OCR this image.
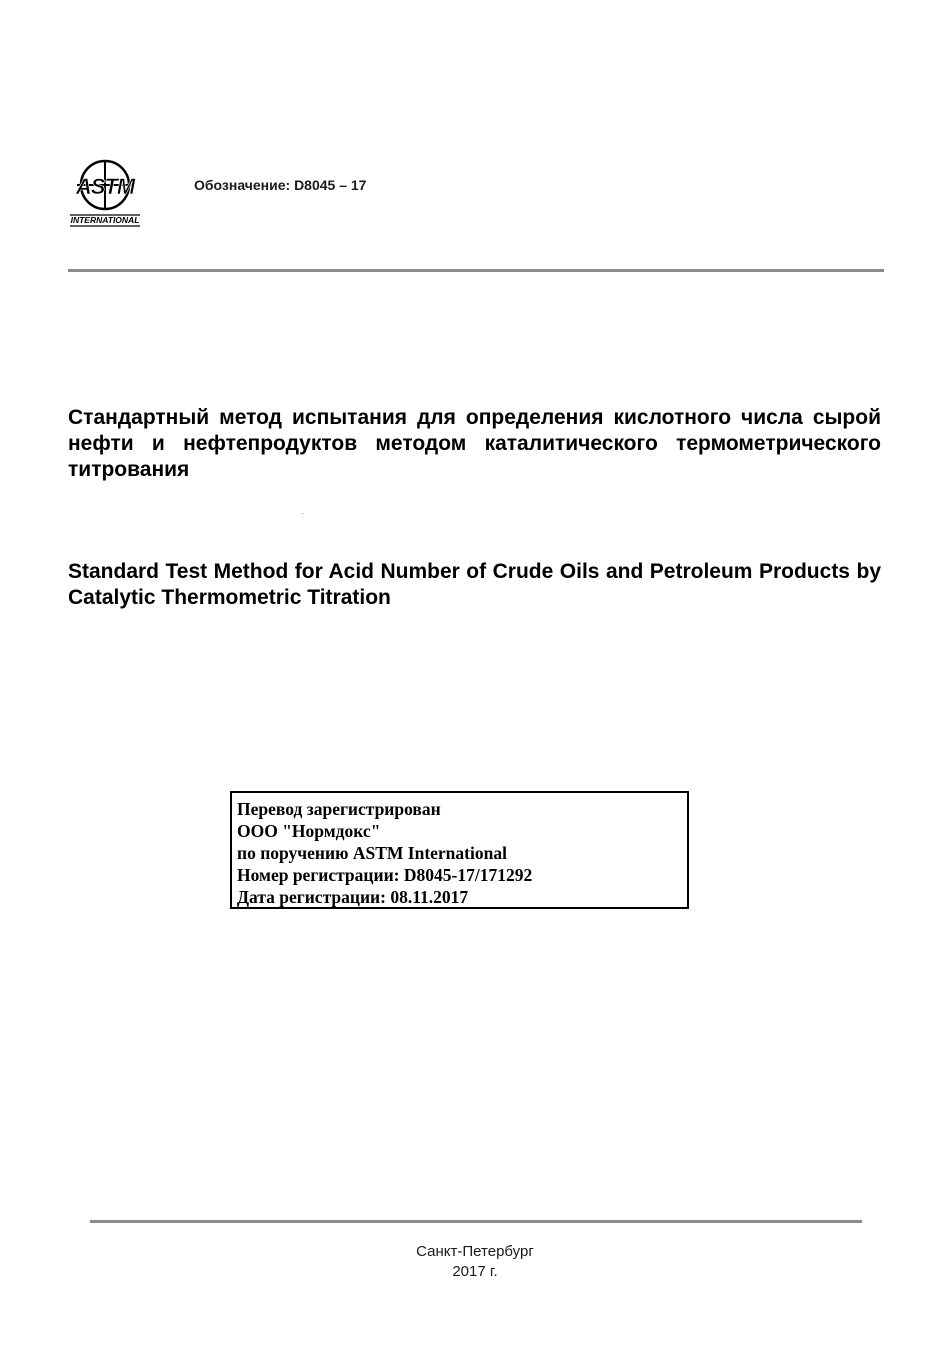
ASTM
INTERNATIONAL
Обозначение: D8045 – 17

Стандартный метод испытания для определения кислотного числа сырой нефти и нефтепродуктов методом каталитического термометрического титрования

Standard Test Method for Acid Number of Crude Oils and Petroleum Products by Catalytic Thermometric Titration

Перевод зарегистрирован
ООО "Нормдокс"
по поручению ASTM International
Номер регистрации: D8045-17/171292
Дата регистрации: 08.11.2017
Санкт-Петербург
2017 г.
